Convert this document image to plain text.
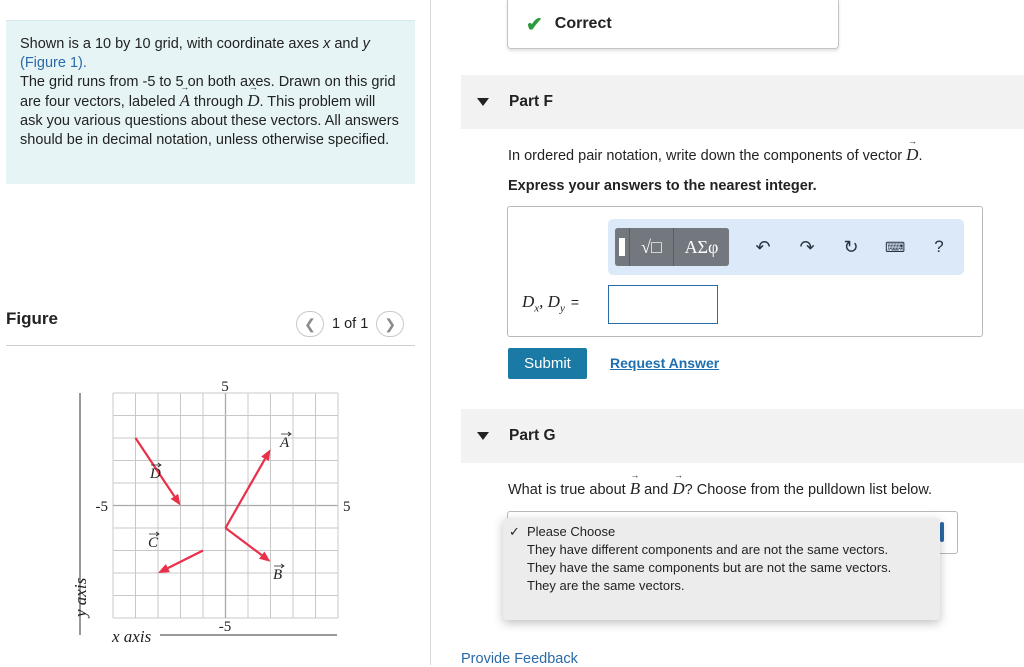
Shown is a 10 by 10 grid, with coordinate axes x and y
(Figure 1).
The grid runs from -5 to 5 on both axes. Drawn on this grid are four vectors, labeled → A through → D. This problem will ask you various questions about these vectors. All answers should be in decimal notation, unless otherwise specified.

Figure	❮ 1 of 1 ❯
5
-5
-5	5
x axis
y axis
A
B
C
D
✔ Correct
Part F
In ordered pair notation, write down the components of vector → D.
Express your answers to the nearest integer.
√□	AΣφ	↶ ↷ ↻ ⌨	?
$D_x$, $D_y$ =
Submit	Request Answer
Part G
What is true about → B and → D? Choose from the pulldown list below.
✓ Please Choose
They have different components and are not the same vectors.
They have the same components but are not the same vectors.
They are the same vectors.
Provide Feedback
